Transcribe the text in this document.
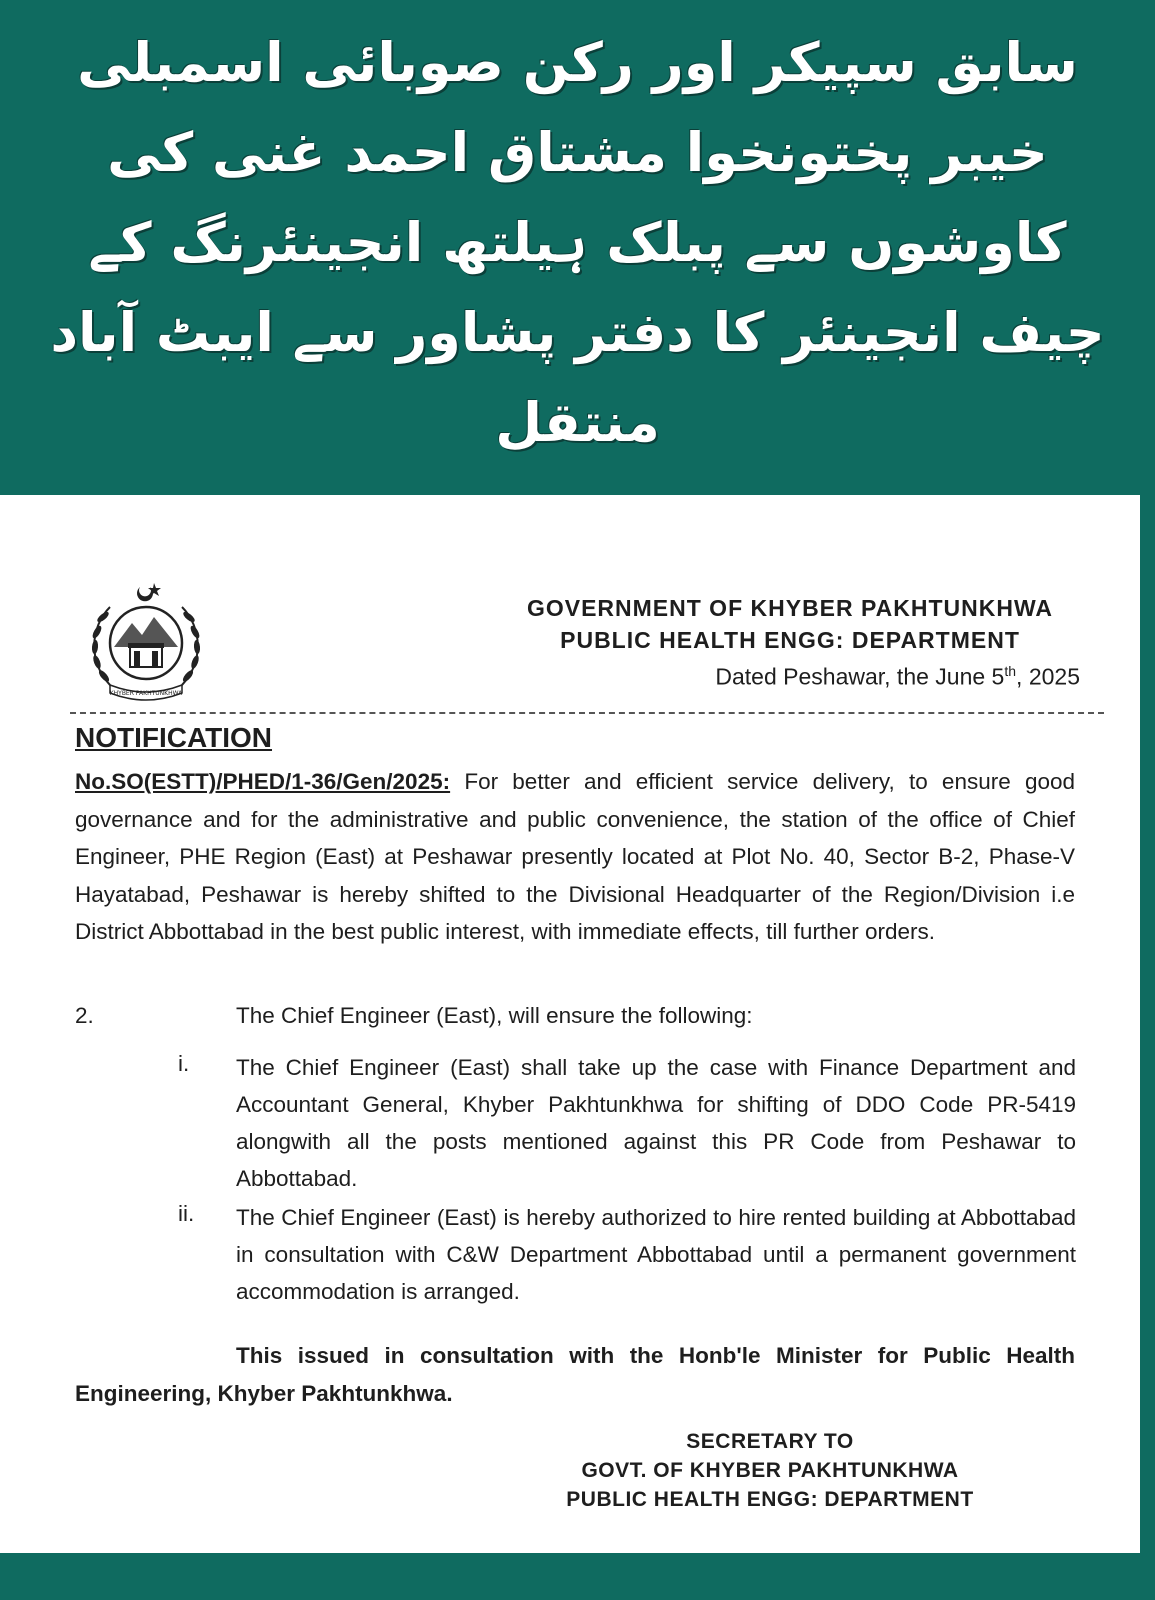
سابق سپیکر اور رکن صوبائی اسمبلی
خیبر پختونخوا مشتاق احمد غنی کی
کاوشوں سے پبلک ہیلتھ انجینئرنگ کے
چیف انجینئر کا دفتر پشاور سے ایبٹ آباد
منتقل
KHYBER PAKHTUNKHWA
GOVERNMENT OF KHYBER PAKHTUNKHWA
PUBLIC HEALTH ENGG: DEPARTMENT
Dated Peshawar, the June 5th, 2025
NOTIFICATION
No.SO(ESTT)/PHED/1-36/Gen/2025: For better and efficient service delivery, to ensure good governance and for the administrative and public convenience, the station of the office of Chief Engineer, PHE Region (East) at Peshawar presently located at Plot No. 40, Sector B-2, Phase-V Hayatabad, Peshawar is hereby shifted to the Divisional Headquarter of the Region/Division i.e District Abbottabad in the best public interest, with immediate effects, till further orders.
2.	The Chief Engineer (East), will ensure the following:
i. The Chief Engineer (East) shall take up the case with Finance Department and Accountant General, Khyber Pakhtunkhwa for shifting of DDO Code PR-5419 alongwith all the posts mentioned against this PR Code from Peshawar to Abbottabad.
ii. The Chief Engineer (East) is hereby authorized to hire rented building at Abbottabad in consultation with C&W Department Abbottabad until a permanent government accommodation is arranged.
This issued in consultation with the Honb'le Minister for Public Health Engineering, Khyber Pakhtunkhwa.
SECRETARY TO
GOVT. OF KHYBER PAKHTUNKHWA
PUBLIC HEALTH ENGG: DEPARTMENT
